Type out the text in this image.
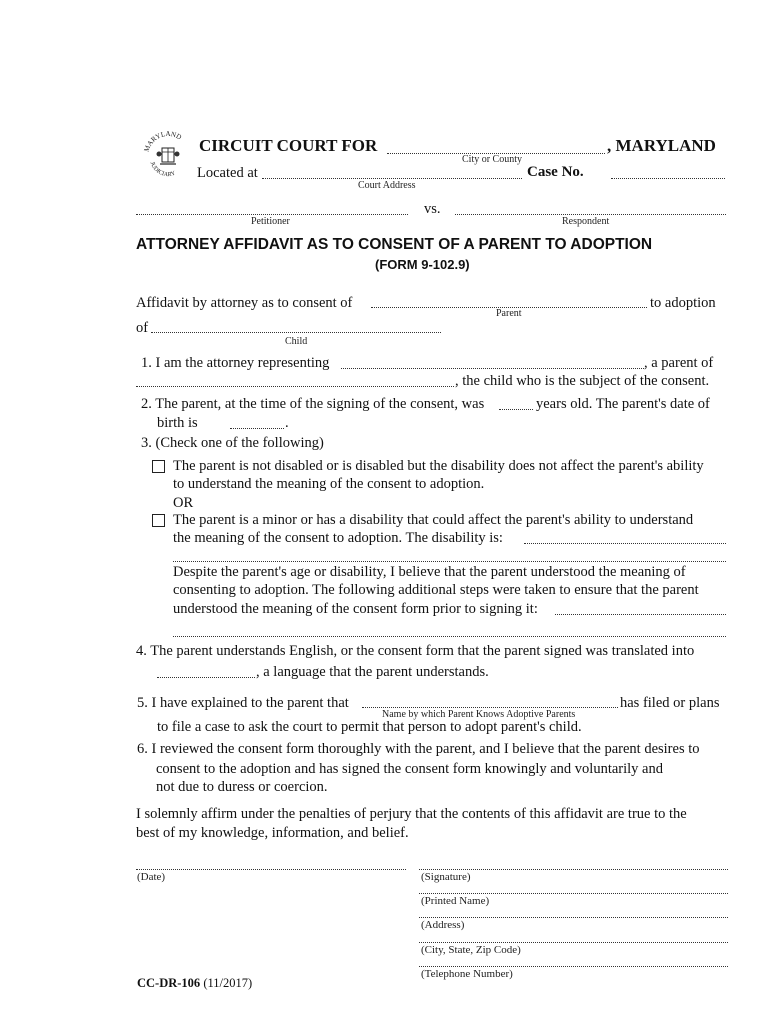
MARYLAND
JUDICIARY
CIRCUIT COURT FOR	, MARYLAND
City or County
Located at	Case No.
Court Address
vs.
Petitioner	Respondent
ATTORNEY AFFIDAVIT AS TO CONSENT OF A PARENT TO ADOPTION
(FORM 9-102.9)
Affidavit by attorney as to consent of	to adoption
Parent
of
Child
1. I am the attorney representing	, a parent of
, the child who is the subject of the consent.
2. The parent, at the time of the signing of the consent, was	years old. The parent's date of
birth is	.
3. (Check one of the following)
The parent is not disabled or is disabled but the disability does not affect the parent's ability
to understand the meaning of the consent to adoption.
OR
The parent is a minor or has a disability that could affect the parent's ability to understand
the meaning of the consent to adoption. The disability is:
Despite the parent's age or disability, I believe that the parent understood the meaning of
consenting to adoption. The following additional steps were taken to ensure that the parent
understood the meaning of the consent form prior to signing it:
4. The parent understands English, or the consent form that the parent signed was translated into
, a language that the parent understands.
5. I have explained to the parent that	has filed or plans
Name by which Parent Knows Adoptive Parents
to file a case to ask the court to permit that person to adopt parent's child.
6. I reviewed the consent form thoroughly with the parent, and I believe that the parent desires to
consent to the adoption and has signed the consent form knowingly and voluntarily and
not due to duress or coercion.
I solemnly affirm under the penalties of perjury that the contents of this affidavit are true to the
best of my knowledge, information, and belief.
(Date)	(Signature)
(Printed Name)
(Address)
(City, State, Zip Code)
(Telephone Number)
CC-DR-106 (11/2017)
